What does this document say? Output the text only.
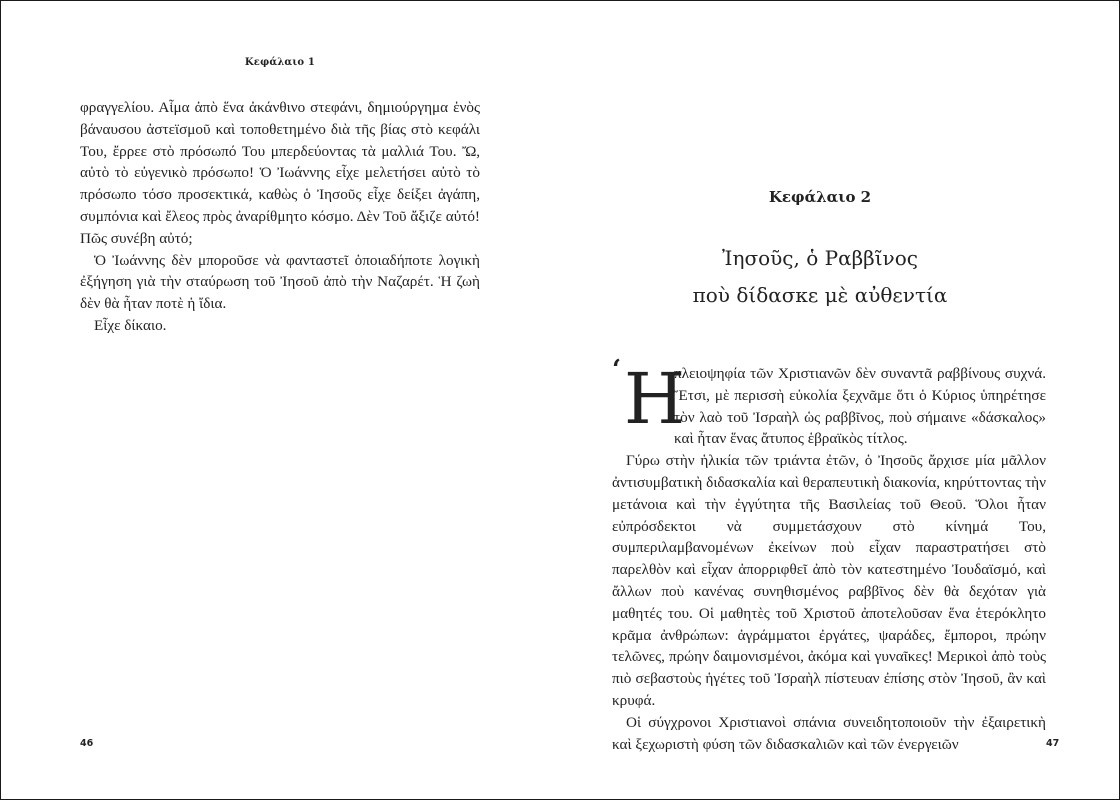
Κεφάλαιο 1

φραγγελίου. Αἷμα ἀπὸ ἕνα ἀκάνθινο στεφάνι, δημιούργημα ἑνὸς βάναυσου ἀστεϊσμοῦ καὶ τοποθετημένο διὰ τῆς βίας στὸ κεφάλι Του, ἔρρεε στὸ πρόσωπό Του μπερδεύοντας τὰ μαλλιά Του. Ὤ, αὐτὸ τὸ εὐγενικὸ πρόσωπο! Ὁ Ἰωάννης εἶχε μελετήσει αὐτὸ τὸ πρόσωπο τόσο προσεκτικά, καθὼς ὁ Ἰησοῦς εἶχε δείξει ἀγάπη, συμπόνια καὶ ἔλεος πρὸς ἀναρίθμητο κόσμο. Δὲν Τοῦ ἄξιζε αὐτό! Πῶς συνέβη αὐτό;

Ὁ Ἰωάννης δὲν μποροῦσε νὰ φανταστεῖ ὁποιαδήποτε λογικὴ ἐξήγηση γιὰ τὴν σταύρωση τοῦ Ἰησοῦ ἀπὸ τὴν Ναζαρέτ. Ἡ ζωὴ δὲν θὰ ἦταν ποτὲ ἡ ἴδια.

Εἶχε δίκαιο.

46
Κεφάλαιο 2
Ἰησοῦς, ὁ Ραββῖνος
ποὺ δίδασκε μὲ αὐθεντία

‘ Η
πλειοψηφία τῶν Χριστιανῶν δὲν συναντᾶ ραββίνους συχνά. Ἔτσι, μὲ περισσὴ εὐκολία ξεχνᾶμε ὅτι ὁ Κύριος ὑπηρέτησε τὸν λαὸ τοῦ Ἰσραὴλ ὡς ραββῖνος, ποὺ σήμαινε «δάσκαλος» καὶ ἦταν ἕνας ἄτυπος ἑβραϊκὸς τίτλος.

Γύρω στὴν ἡλικία τῶν τριάντα ἐτῶν, ὁ Ἰησοῦς ἄρχισε μία μᾶλλον ἀντισυμβατικὴ διδασκαλία καὶ θεραπευτικὴ διακονία, κηρύττοντας τὴν μετάνοια καὶ τὴν ἐγγύτητα τῆς Βασιλείας τοῦ Θεοῦ. Ὅλοι ἦταν εὐπρόσδεκτοι νὰ συμμετάσχουν στὸ κίνημά Του, συμπεριλαμβανομένων ἐκείνων ποὺ εἶχαν παραστρατήσει στὸ παρελθὸν καὶ εἶχαν ἀπορριφθεῖ ἀπὸ τὸν κατεστημένο Ἰουδαϊσμό, καὶ ἄλλων ποὺ κανένας συνηθισμένος ραββῖνος δὲν θὰ δεχόταν γιὰ μαθητές του. Οἱ μαθητὲς τοῦ Χριστοῦ ἀποτελοῦσαν ἕνα ἑτερόκλητο κρᾶμα ἀνθρώπων: ἀγράμματοι ἐργάτες, ψαράδες, ἔμποροι, πρώην τελῶνες, πρώην δαιμονισμένοι, ἀκόμα καὶ γυναῖκες! Μερικοὶ ἀπὸ τοὺς πιὸ σεβαστοὺς ἡγέτες τοῦ Ἰσραὴλ πίστευαν ἐπίσης στὸν Ἰησοῦ, ἂν καὶ κρυφά.

Οἱ σύγχρονοι Χριστιανοὶ σπάνια συνειδητοποιοῦν τὴν ἐξαιρετικὴ καὶ ξεχωριστὴ φύση τῶν διδασκαλιῶν καὶ τῶν ἐνεργειῶν	47
